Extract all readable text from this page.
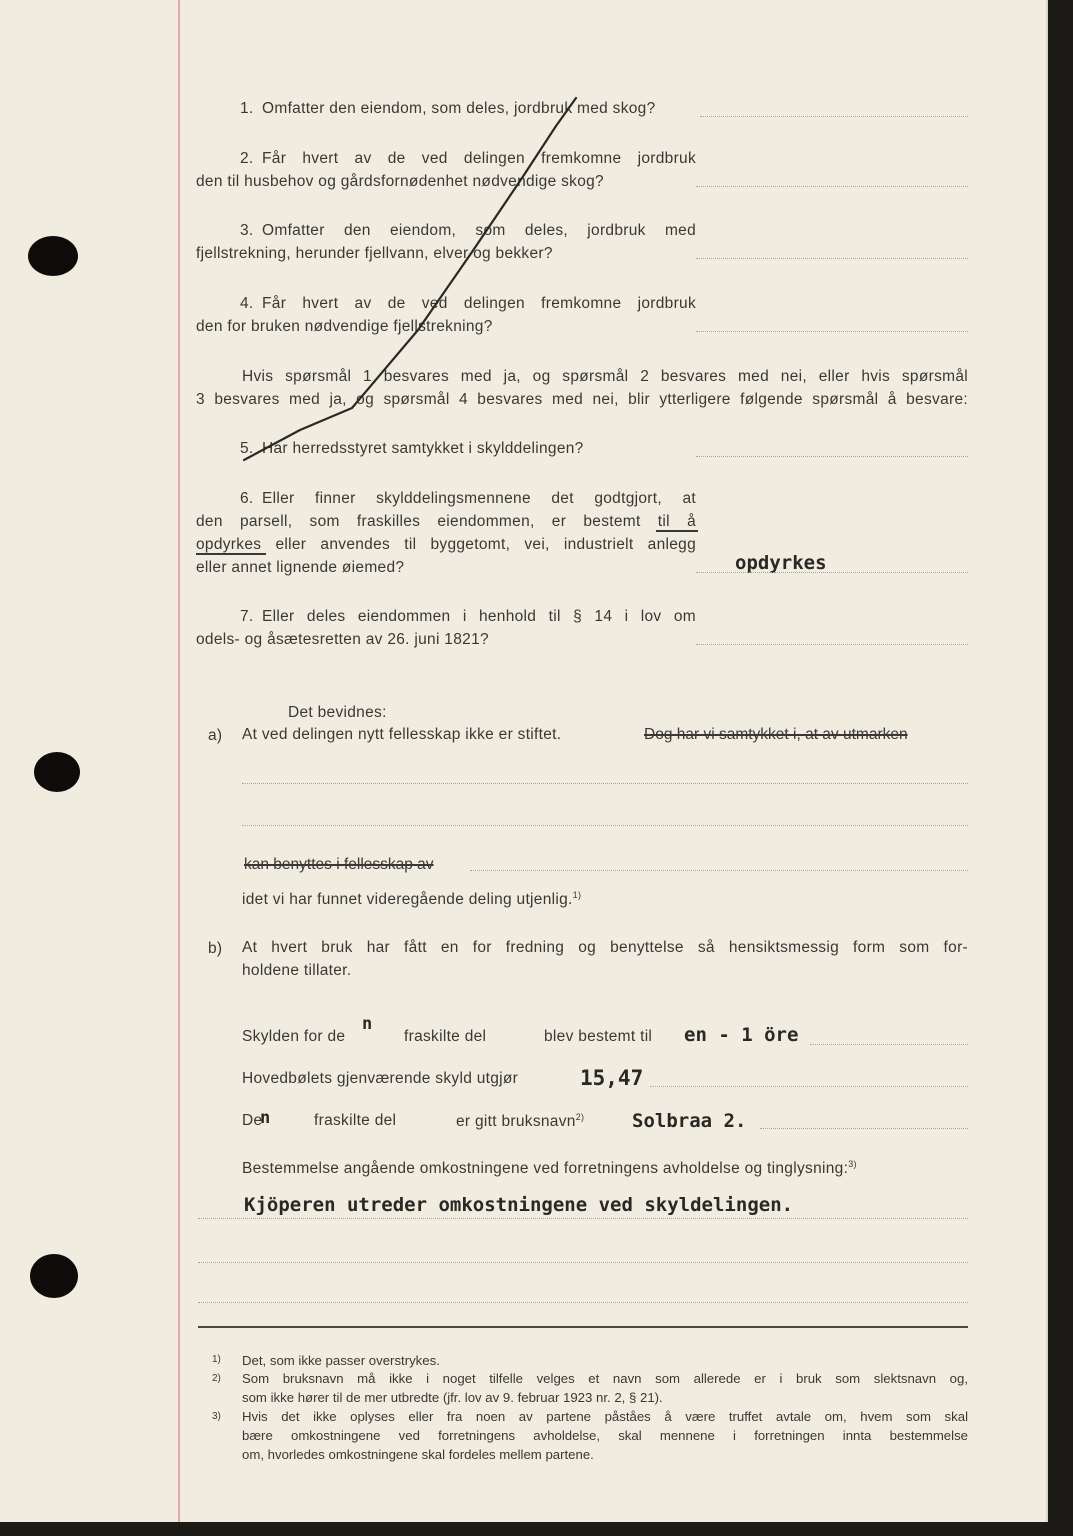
1. Omfatter den eiendom, som deles, jordbruk med skog?
2. Får hvert av de ved delingen fremkomne jordbruk
den til husbehov og gårdsfornødenhet nødvendige skog?
3. Omfatter den eiendom, som deles, jordbruk med
fjellstrekning, herunder fjellvann, elver og bekker?
4. Får hvert av de ved delingen fremkomne jordbruk
den for bruken nødvendige fjellstrekning?
Hvis spørsmål 1 besvares med ja, og spørsmål 2 besvares med nei, eller hvis spørsmål
3 besvares med ja, og spørsmål 4 besvares med nei, blir ytterligere følgende spørsmål å besvare:
5. Har herredsstyret samtykket i skylddelingen?
6. Eller finner skylddelingsmennene det godtgjort, at
den parsell, som fraskilles eiendommen, er bestemt til å
opdyrkes eller anvendes til byggetomt, vei, industrielt anlegg
eller annet lignende øiemed?	opdyrkes
7. Eller deles eiendommen i henhold til § 14 i lov om
odels- og åsætesretten av 26. juni 1821?
Det bevidnes:
a) At ved delingen nytt fellesskap ikke er stiftet.	Dog har vi samtykket i, at av utmarken
kan benyttes i fellesskap av
idet vi har funnet videregående deling utjenlig.$^{1)}$
b) At hvert bruk har fått en for fredning og benyttelse så hensiktsmessig form som for-
holdene tillater.
Skylden for de
n
fraskilte del	blev bestemt til en - 1 öre
Hovedbølets gjenværende skyld utgjør	15,47
De
n	fraskilte del	er gitt bruksnavn$^{2)}$	Solbraa 2.
Bestemmelse angående omkostningene ved forretningens avholdelse og tinglysning:$^{3)}$
Kjöperen utreder omkostningene ved skyldelingen.
1) Det, som ikke passer overstrykes.
2) Som bruksnavn må ikke i noget tilfelle velges et navn som allerede er i bruk som slektsnavn og,
som ikke hører til de mer utbredte (jfr. lov av 9. februar 1923 nr. 2, § 21).
3) Hvis det ikke oplyses eller fra noen av partene påståes å være truffet avtale om, hvem som skal
bære omkostningene ved forretningens avholdelse, skal mennene i forretningen innta bestemmelse
om, hvorledes omkostningene skal fordeles mellem partene.
